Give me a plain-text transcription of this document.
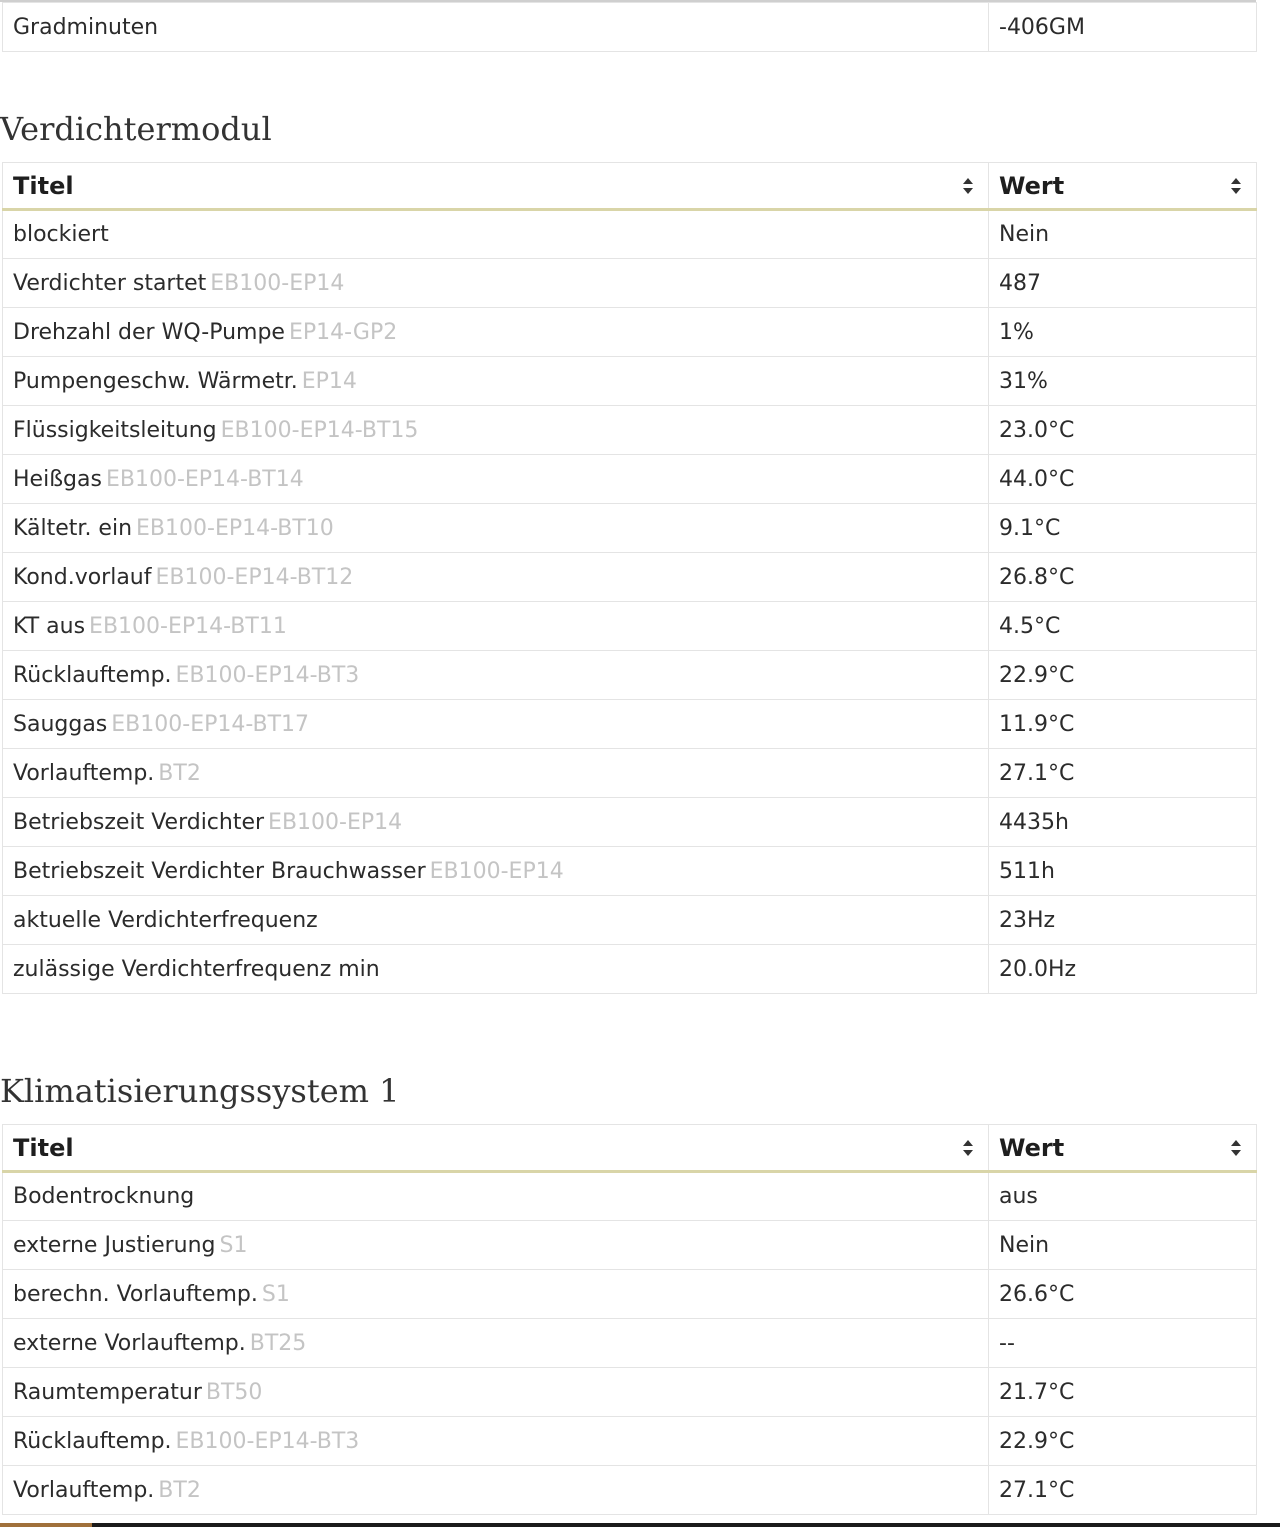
Gradminuten	-406GM
Verdichtermodul
Titel	Wert

blockiert	Nein
Verdichter startet EB100-EP14	487
Drehzahl der WQ-Pumpe EP14-GP2	1%
Pumpengeschw. Wärmetr. EP14	31%
Flüssigkeitsleitung EB100-EP14-BT15	23.0°C
Heißgas EB100-EP14-BT14	44.0°C
Kältetr. ein EB100-EP14-BT10	9.1°C
Kond.vorlauf EB100-EP14-BT12	26.8°C
KT aus EB100-EP14-BT11	4.5°C
Rücklauftemp. EB100-EP14-BT3	22.9°C
Sauggas EB100-EP14-BT17	11.9°C
Vorlauftemp. BT2	27.1°C
Betriebszeit Verdichter EB100-EP14	4435h
Betriebszeit Verdichter Brauchwasser EB100-EP14	511h
aktuelle Verdichterfrequenz	23Hz
zulässige Verdichterfrequenz min	20.0Hz
Klimatisierungssystem 1
Titel	Wert

Bodentrocknung	aus
externe Justierung S1	Nein
berechn. Vorlauftemp. S1	26.6°C
externe Vorlauftemp. BT25	--
Raumtemperatur BT50	21.7°C
Rücklauftemp. EB100-EP14-BT3	22.9°C
Vorlauftemp. BT2	27.1°C
